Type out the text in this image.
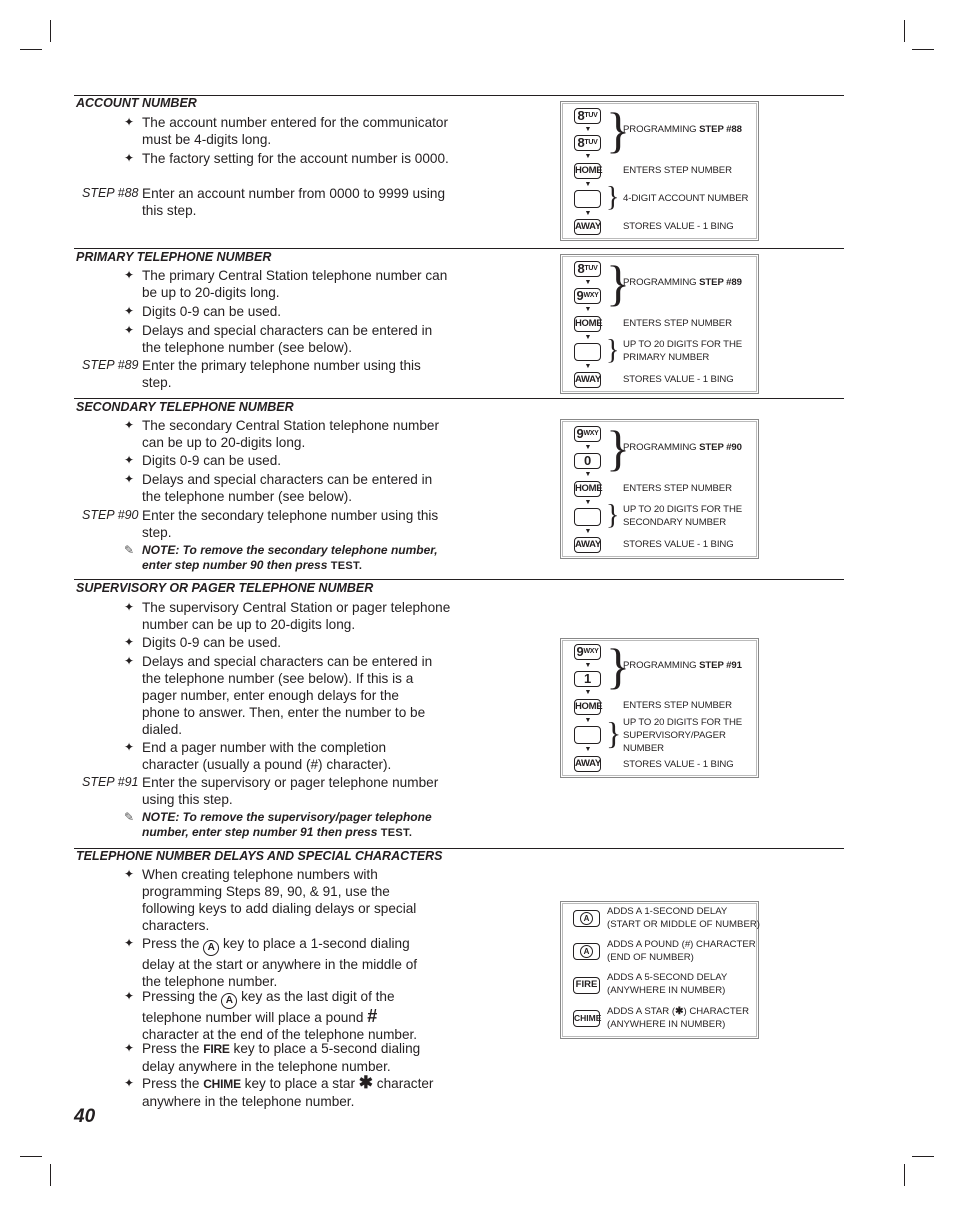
ACCOUNT NUMBER
✦ The account number entered for the communicator must be 4-digits long.
✦ The factory setting for the account number is 0000.
STEP #88 Enter an account number from 0000 to 9999 using this step.
$8^{TUV}$
▼
$8^{TUV}$ }
PROGRAMMING STEP #88
▼
HOME ENTERS STEP NUMBER
▼ } 4-DIGIT ACCOUNT NUMBER
▼
AWAY STORES VALUE - 1 BING
PRIMARY TELEPHONE NUMBER
✦ The primary Central Station telephone number can be up to 20-digits long.
✦ Digits 0-9 can be used.
✦ Delays and special characters can be entered in the telephone number (see below).
STEP #89 Enter the primary telephone number using this step.
$8^{TUV}$
▼
$9^{WXY}$ }
PROGRAMMING STEP #89
▼
HOME ENTERS STEP NUMBER
▼ } UP TO 20 DIGITS FOR THE
PRIMARY NUMBER
▼
AWAY STORES VALUE - 1 BING
SECONDARY TELEPHONE NUMBER
✦ The secondary Central Station telephone number can be up to 20-digits long.
✦ Digits 0-9 can be used.
✦ Delays and special characters can be entered in the telephone number (see below).
STEP #90 Enter the secondary telephone number using this step.
✎ NOTE: To remove the secondary telephone number, enter step number 90 then press TEST.
$9^{WXY}$
▼
0 }
PROGRAMMING STEP #90
▼
HOME ENTERS STEP NUMBER
▼ } UP TO 20 DIGITS FOR THE
SECONDARY NUMBER
▼
AWAY STORES VALUE - 1 BING
SUPERVISORY OR PAGER TELEPHONE NUMBER
✦ The supervisory Central Station or pager telephone number can be up to 20-digits long.
✦ Digits 0-9 can be used.
✦ Delays and special characters can be entered in the telephone number (see below). If this is a pager number, enter enough delays for the phone to answer. Then, enter the number to be dialed.
✦ End a pager number with the completion character (usually a pound (#) character).
STEP #91 Enter the supervisory or pager telephone number using this step.
✎ NOTE: To remove the supervisory/pager telephone number, enter step number 91 then press TEST.
$9^{WXY}$
▼
1 }
PROGRAMMING STEP #91
▼
HOME ENTERS STEP NUMBER
▼ } UP TO 20 DIGITS FOR THE
SUPERVISORY/PAGER
NUMBER
▼
AWAY STORES VALUE - 1 BING
TELEPHONE NUMBER DELAYS AND SPECIAL CHARACTERS
✦ When creating telephone numbers with programming Steps 89, 90, & 91, use the following keys to add dialing delays or special characters.
✦ Press the A key to place a 1-second dialing delay at the start or anywhere in the middle of the telephone number.
✦ Pressing the A key as the last digit of the telephone number will place a pound # character at the end of the telephone number.
✦ Press the FIRE key to place a 5-second dialing delay anywhere in the telephone number.
✦ Press the CHIME key to place a star ✱ character anywhere in the telephone number.
A
ADDS A 1-SECOND DELAY
(START OR MIDDLE OF NUMBER)
A
ADDS A POUND (#) CHARACTER
(END OF NUMBER)
FIRE
ADDS A 5-SECOND DELAY
(ANYWHERE IN NUMBER)
CHIME
ADDS A STAR (✱) CHARACTER
(ANYWHERE IN NUMBER)
40
